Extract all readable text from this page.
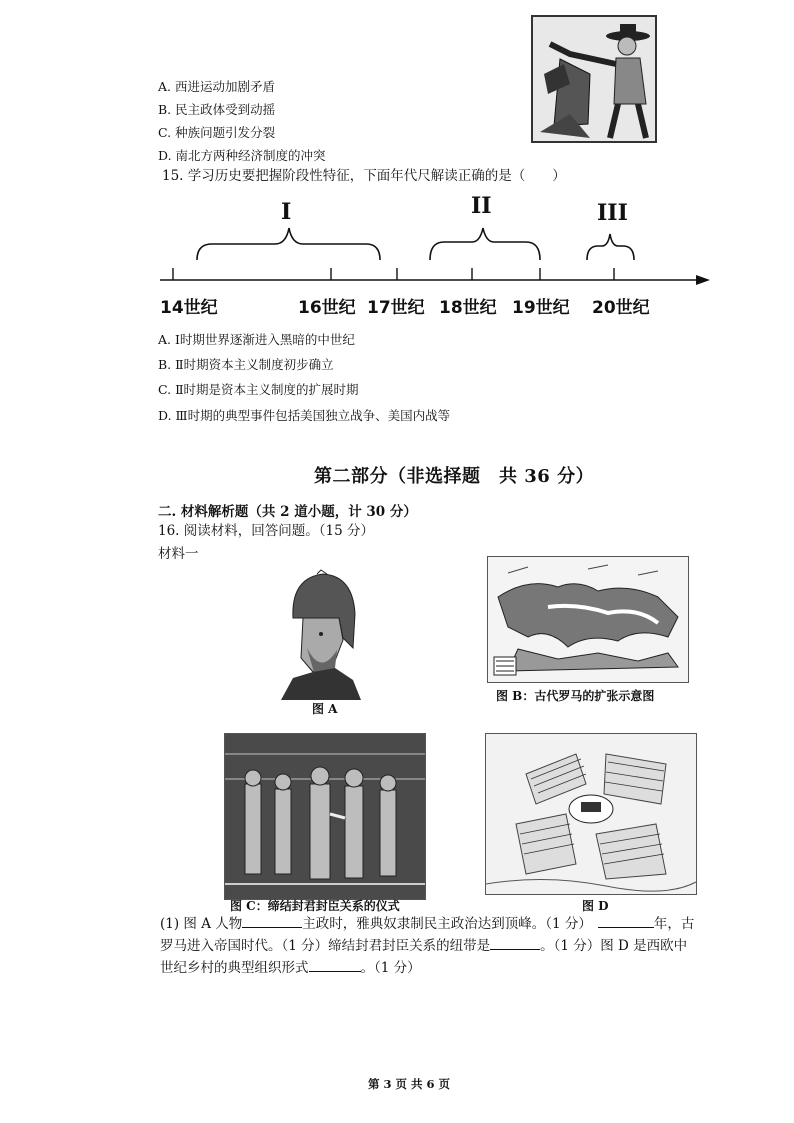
A. 西进运动加剧矛盾
B. 民主政体受到动摇
C. 种族问题引发分裂
D. 南北方两种经济制度的冲突
15. 学习历史要把握阶段性特征，下面年代尺解读正确的是（　　）
I	II	III
14世纪	16世纪 17世纪 18世纪 19世纪 20世纪
A. Ⅰ时期世界逐渐进入黑暗的中世纪
B. Ⅱ时期资本主义制度初步确立
C. Ⅱ时期是资本主义制度的扩展时期
D. Ⅲ时期的典型事件包括美国独立战争、美国内战等
第二部分（非选择题　共 36 分）
二. 材料解析题（共 2 道小题，计 30 分）
16. 阅读材料，回答问题。（15 分）
材料一
图 A
图 B：古代罗马的扩张示意图
图 C：缔结封君封臣关系的仪式	图 D
(1) 图 A 人物	主政时，雅典奴隶制民主政治达到顶峰。（1 分）	年，古
罗马进入帝国时代。（1 分）缔结封君封臣关系的纽带是	。（1 分）图 D 是西欧中
世纪乡村的典型组织形式	。（1 分）
第 3 页 共 6 页
